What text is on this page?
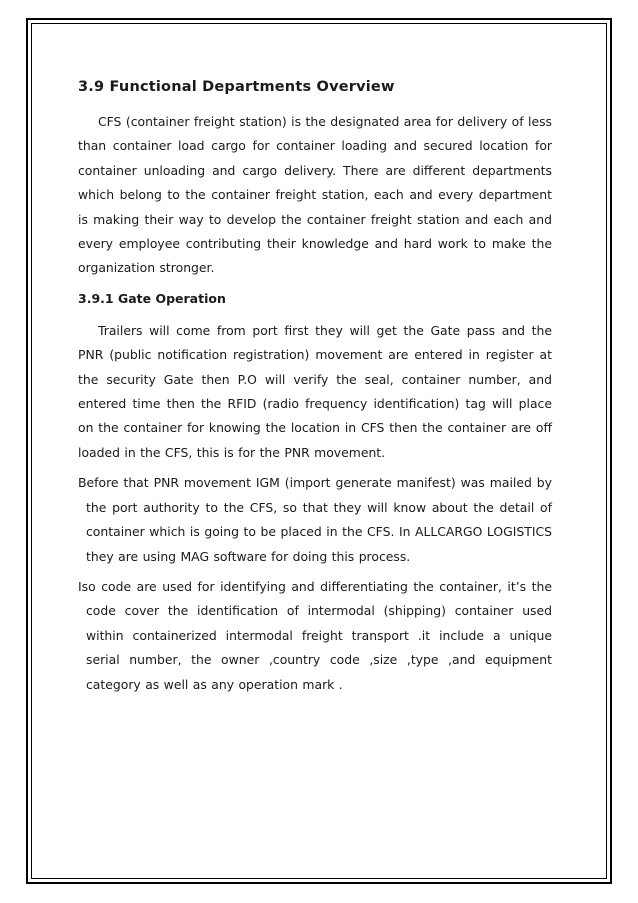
3.9 Functional Departments Overview

CFS (container freight station) is the designated area for delivery of less than container load cargo for container loading and secured location for container unloading and cargo delivery. There are different departments which belong to the container freight station, each and every department is making their way to develop the container freight station and each and every employee contributing their knowledge and hard work to make the organization stronger.

3.9.1 Gate Operation

Trailers will come from port first they will get the Gate pass and the PNR (public notification registration) movement are entered in register at the security Gate then P.O will verify the seal, container number, and entered time then the RFID (radio frequency identification) tag will place on the container for knowing the location in CFS then the container are off loaded in the CFS, this is for the PNR movement.

Before that PNR movement IGM (import generate manifest) was mailed by the port authority to the CFS, so that they will know about the detail of container which is going to be placed in the CFS. In ALLCARGO LOGISTICS they are using MAG software for doing this process.

Iso code are used for identifying and differentiating the container, it’s the code cover the identification of intermodal (shipping) container used within containerized intermodal freight transport .it include a unique serial number, the owner ,country code ,size ,type ,and equipment category as well as any operation mark .
